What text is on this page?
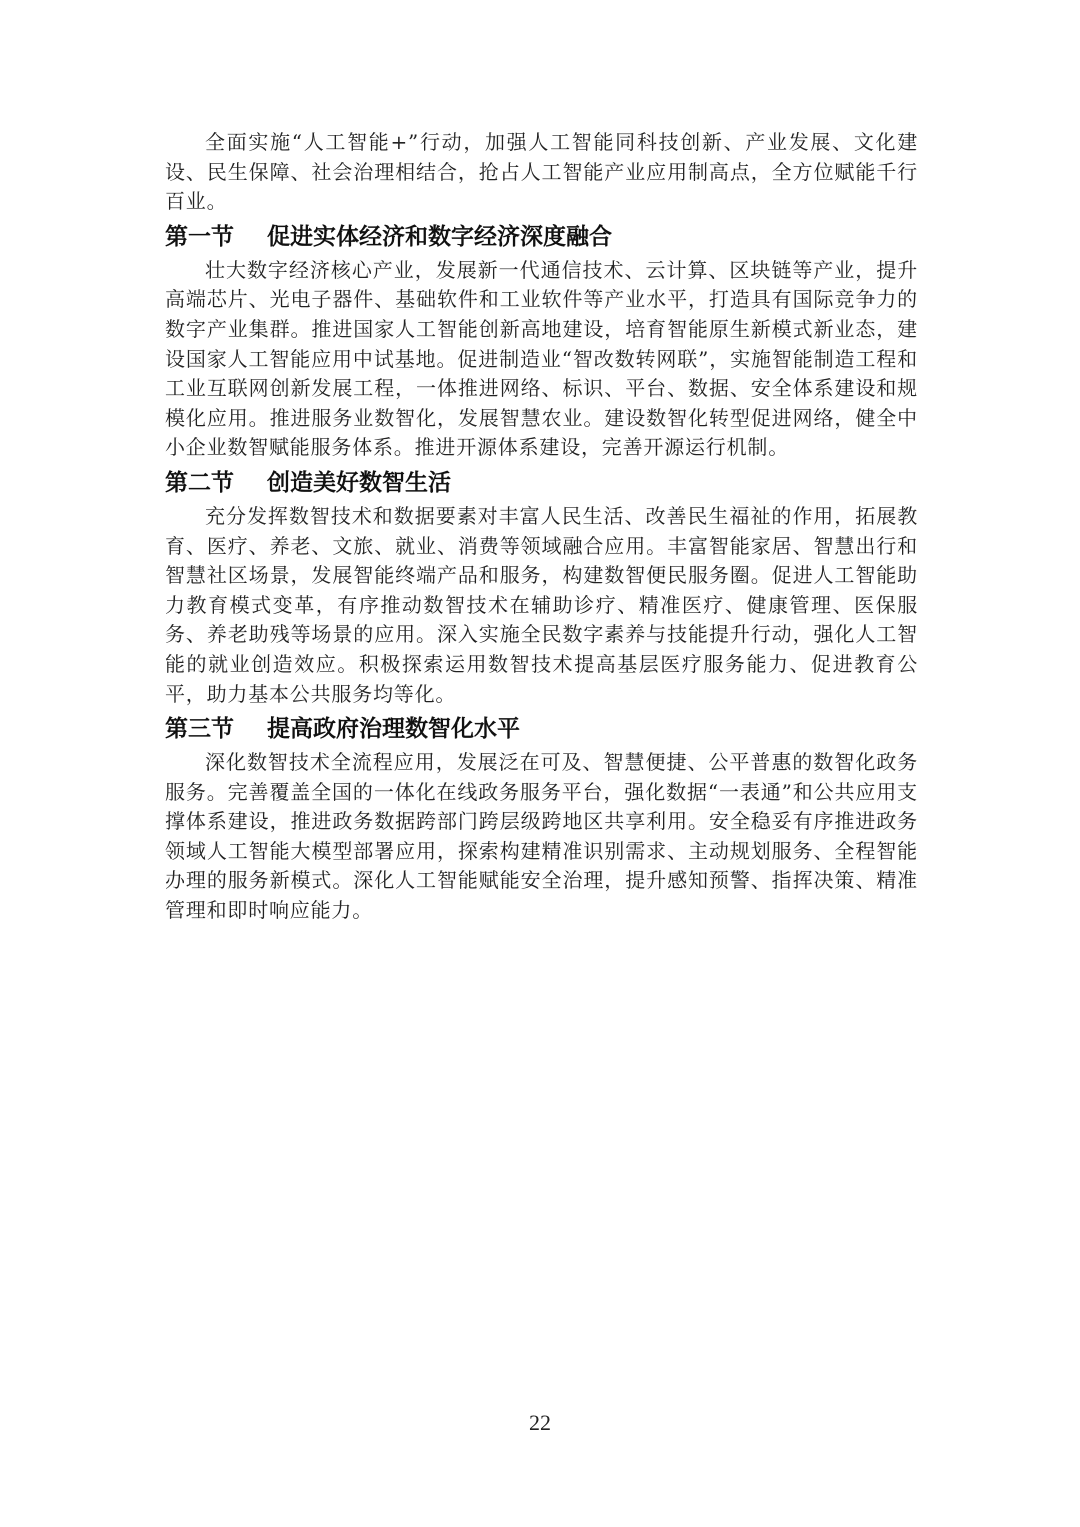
全面实施“人工智能+”行动，加强人工智能同科技创新、产业发展、文化建设、民生保障、社会治理相结合，抢占人工智能产业应用制高点，全方位赋能千行百业。

第一节 促进实体经济和数字经济深度融合

壮大数字经济核心产业，发展新一代通信技术、云计算、区块链等产业，提升高端芯片、光电子器件、基础软件和工业软件等产业水平，打造具有国际竞争力的数字产业集群。推进国家人工智能创新高地建设，培育智能原生新模式新业态，建设国家人工智能应用中试基地。促进制造业“智改数转网联”，实施智能制造工程和工业互联网创新发展工程，一体推进网络、标识、平台、数据、安全体系建设和规模化应用。推进服务业数智化，发展智慧农业。建设数智化转型促进网络，健全中小企业数智赋能服务体系。推进开源体系建设，完善开源运行机制。

第二节 创造美好数智生活

充分发挥数智技术和数据要素对丰富人民生活、改善民生福祉的作用，拓展教育、医疗、养老、文旅、就业、消费等领域融合应用。丰富智能家居、智慧出行和智慧社区场景，发展智能终端产品和服务，构建数智便民服务圈。促进人工智能助力教育模式变革，有序推动数智技术在辅助诊疗、精准医疗、健康管理、医保服务、养老助残等场景的应用。深入实施全民数字素养与技能提升行动，强化人工智能的就业创造效应。积极探索运用数智技术提高基层医疗服务能力、促进教育公平，助力基本公共服务均等化。

第三节 提高政府治理数智化水平

深化数智技术全流程应用，发展泛在可及、智慧便捷、公平普惠的数智化政务服务。完善覆盖全国的一体化在线政务服务平台，强化数据“一表通”和公共应用支撑体系建设，推进政务数据跨部门跨层级跨地区共享利用。安全稳妥有序推进政务领域人工智能大模型部署应用，探索构建精准识别需求、主动规划服务、全程智能办理的服务新模式。深化人工智能赋能安全治理，提升感知预警、指挥决策、精准管理和即时响应能力。

22
